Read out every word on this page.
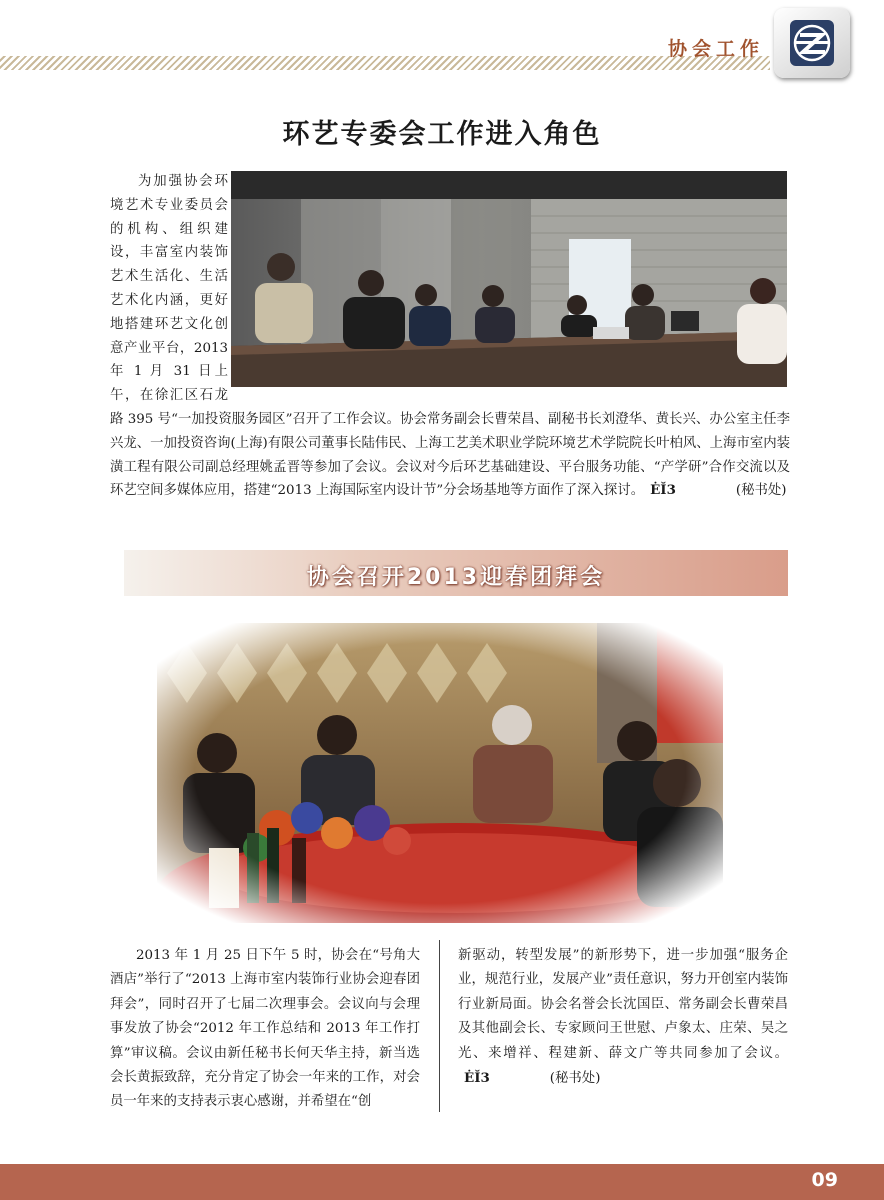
协会工作
环艺专委会工作进入角色

为加强协会环境艺术专业委员会的机构、组织建设，丰富室内装饰艺术生活化、生活艺术化内涵，更好地搭建环艺文化创意产业平台，2013 年 1 月 31 日上午，在徐汇区石龙路 395 号“一加投资服务园区”召开了工作会议。协会常务副会长曹荣昌、副秘书长刘澄华、黄长兴、办公室主任李兴龙、一加投资咨询(上海)有限公司董事长陆伟民、上海工艺美术职业学院环境艺术学院院长叶柏风、上海市室内装潢工程有限公司副总经理姚孟晋等参加了会议。会议对今后环艺基础建设、平台服务功能、“产学研”合作交流以及环艺空间多媒体应用，搭建“2013 上海国际室内设计节”分会场基地等方面作了深入探讨。 ĖĬ3	(秘书处)

协会召开2013迎春团拜会

2013 年 1 月 25 日下午 5 时，协会在“号角大酒店”举行了“2013 上海市室内装饰行业协会迎春团拜会”，同时召开了七届二次理事会。会议向与会理事发放了协会“2012 年工作总结和 2013 年工作打算”审议稿。会议由新任秘书长何天华主持，新当选会长黄振致辞，充分肯定了协会一年来的工作，对会员一年来的支持表示衷心感谢，并希望在“创

新驱动，转型发展”的新形势下，进一步加强“服务企业，规范行业，发展产业”责任意识，努力开创室内装饰行业新局面。协会名誉会长沈国臣、常务副会长曹荣昌及其他副会长、专家顾问王世慰、卢象太、庄荣、吴之光、来增祥、程建新、薛文广等共同参加了会议。ĖĬ3	(秘书处)

09
